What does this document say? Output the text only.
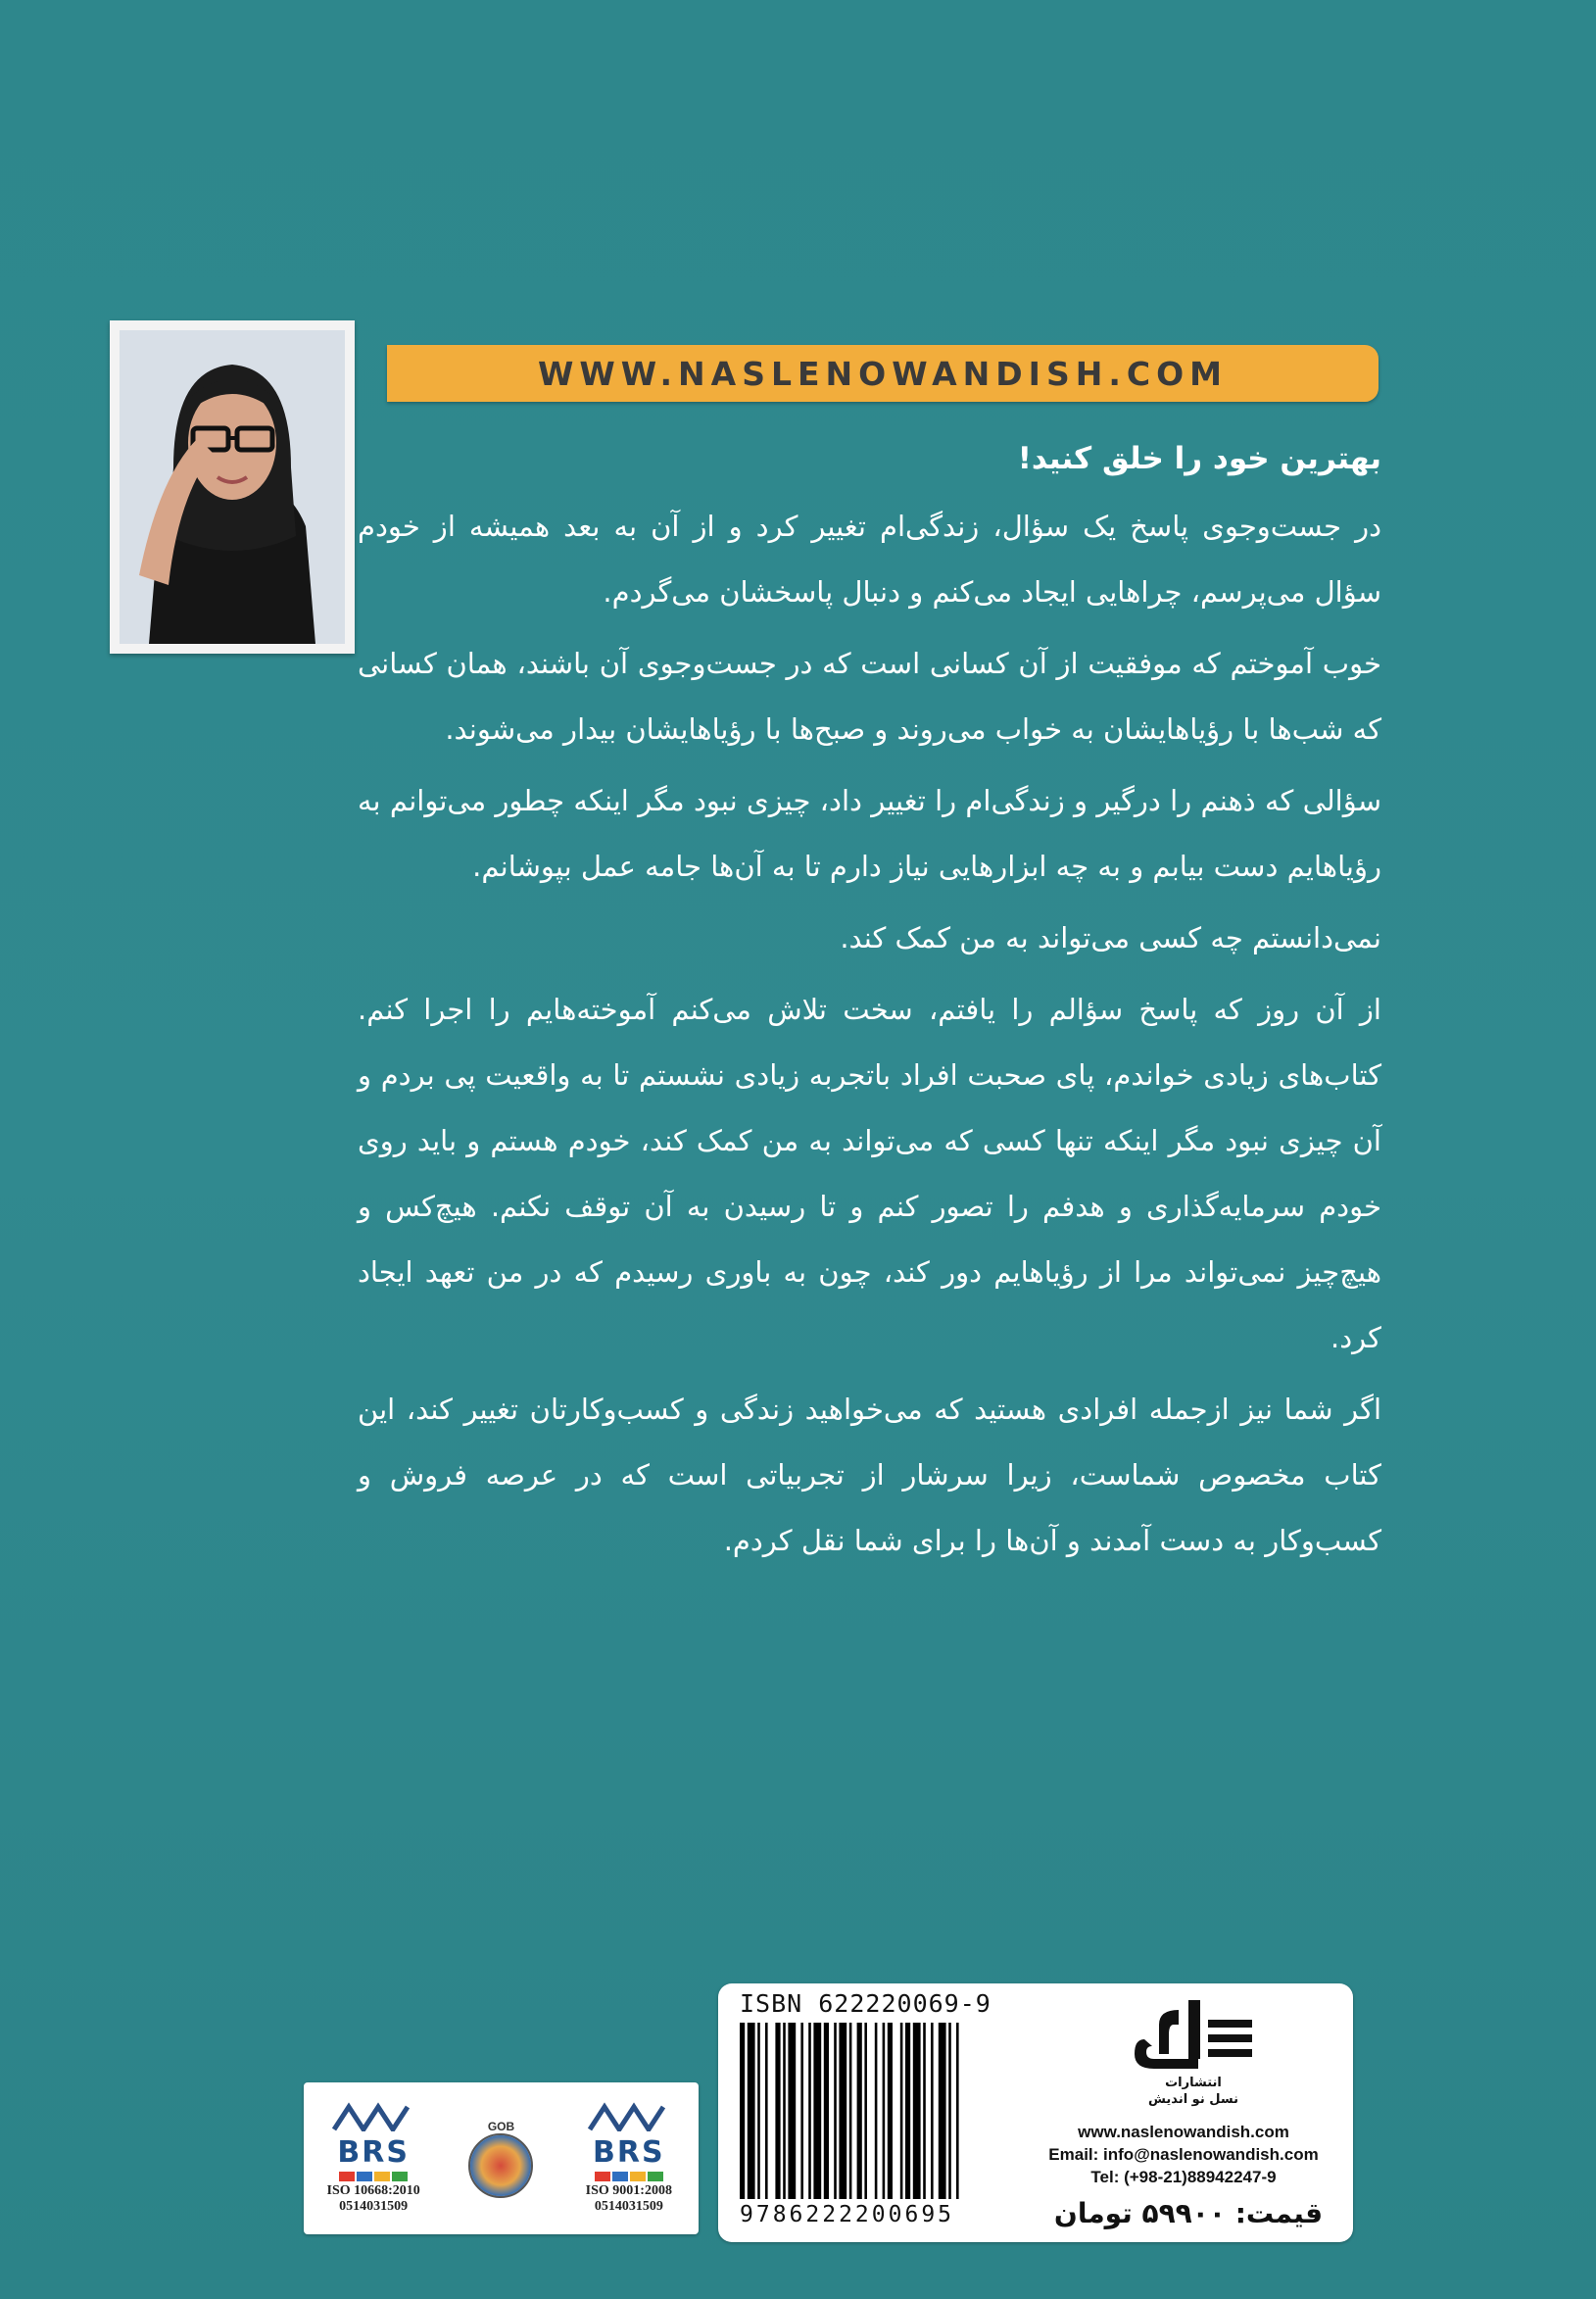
WWW.NASLENOWANDISH.COM
بهترین خود را خلق کنید!

در جست‌وجوی پاسخ یک سؤال، زندگی‌ام تغییر کرد و از آن به بعد همیشه از خودم سؤال می‌پرسم، چراهایی ایجاد می‌کنم و دنبال پاسخشان می‌گردم.

خوب آموختم که موفقیت از آن کسانی است که در جست‌وجوی آن باشند، همان کسانی که شب‌ها با رؤیاهایشان به خواب می‌روند و صبح‌ها با رؤیاهایشان بیدار می‌شوند.

سؤالی که ذهنم را درگیر و زندگی‌ام را تغییر داد، چیزی نبود مگر اینکه چطور می‌توانم به رؤیاهایم دست بیابم و به چه ابزارهایی نیاز دارم تا به آن‌ها جامه عمل بپوشانم.

نمی‌دانستم چه کسی می‌تواند به من کمک کند.

از آن روز که پاسخ سؤالم را یافتم، سخت تلاش می‌کنم آموخته‌هایم را اجرا کنم. کتاب‌های زیادی خواندم، پای صحبت افراد باتجربه زیادی نشستم تا به واقعیت پی بردم و آن چیزی نبود مگر اینکه تنها کسی که می‌تواند به من کمک کند، خودم هستم و باید روی خودم سرمایه‌گذاری و هدفم را تصور کنم و تا رسیدن به آن توقف نکنم. هیچ‌کس و هیچ‌چیز نمی‌تواند مرا از رؤیاهایم دور کند، چون به باوری رسیدم که در من تعهد ایجاد کرد.

اگر شما نیز ازجمله افرادی هستید که می‌خواهید زندگی و کسب‌وکارتان تغییر کند، این کتاب مخصوص شماست، زیرا سرشار از تجربیاتی است که در عرصه فروش و کسب‌وکار به دست آمدند و آن‌ها را برای شما نقل کردم.

BRS
ISO 10668:2010
0514031509
GOB
BRS
ISO 9001:2008
0514031509
ISBN 622220069-9
9786222200695
انتشارات
نسل نو اندیش
www.naslenowandish.com
Email: info@naslenowandish.com
Tel: (+98-21)88942247-9
قیمت: ۵۹۹۰۰ تومان
